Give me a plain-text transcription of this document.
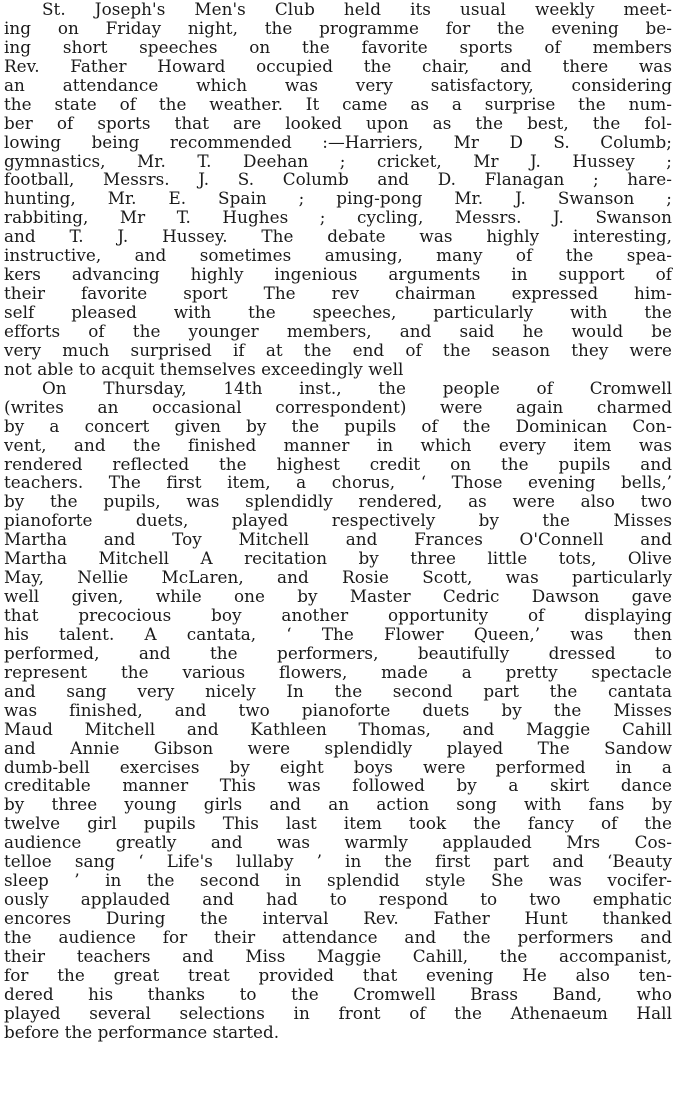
St. Joseph's Men's Club held its usual weekly meet-
ing on Friday night, the programme for the evening be-
ing short speeches on the favorite sports of members
Rev. Father Howard occupied the chair, and there was
an attendance which was very satisfactory, considering
the state of the weather. It came as a surprise the num-
ber of sports that are looked upon as the best, the fol-
lowing being recommended :—Harriers, Mr D S. Columb;
gymnastics, Mr. T. Deehan ; cricket, Mr J. Hussey ;
football, Messrs. J. S. Columb and D. Flanagan ; hare-
hunting, Mr. E. Spain ; ping-pong Mr. J. Swanson ;
rabbiting, Mr T. Hughes ; cycling, Messrs. J. Swanson
and T. J. Hussey. The debate was highly interesting,
instructive, and sometimes amusing, many of the spea-
kers advancing highly ingenious arguments in support of
their favorite sport The rev chairman expressed him-
self pleased with the speeches, particularly with the
efforts of the younger members, and said he would be
very much surprised if at the end of the season they were
not able to acquit themselves exceedingly well
On Thursday, 14th inst., the people of Cromwell
(writes an occasional correspondent) were again charmed
by a concert given by the pupils of the Dominican Con-
vent, and the finished manner in which every item was
rendered reflected the highest credit on the pupils and
teachers. The first item, a chorus, ‘ Those evening bells,’
by the pupils, was splendidly rendered, as were also two
pianoforte duets, played respectively by the Misses
Martha and Toy Mitchell and Frances O'Connell and
Martha Mitchell A recitation by three little tots, Olive
May, Nellie McLaren, and Rosie Scott, was particularly
well given, while one by Master Cedric Dawson gave
that precocious boy another opportunity of displaying
his talent. A cantata, ‘ The Flower Queen,’ was then
performed, and the performers, beautifully dressed to
represent the various flowers, made a pretty spectacle
and sang very nicely In the second part the cantata
was finished, and two pianoforte duets by the Misses
Maud Mitchell and Kathleen Thomas, and Maggie Cahill
and Annie Gibson were splendidly played The Sandow
dumb-bell exercises by eight boys were performed in a
creditable manner This was followed by a skirt dance
by three young girls and an action song with fans by
twelve girl pupils This last item took the fancy of the
audience greatly and was warmly applauded Mrs Cos-
telloe sang ‘ Life's lullaby ’ in the first part and ‘Beauty
sleep ’ in the second in splendid style She was vocifer-
ously applauded and had to respond to two emphatic
encores During the interval Rev. Father Hunt thanked
the audience for their attendance and the performers and
their teachers and Miss Maggie Cahill, the accompanist,
for the great treat provided that evening He also ten-
dered his thanks to the Cromwell Brass Band, who
played several selections in front of the Athenaeum Hall
before the performance started.
